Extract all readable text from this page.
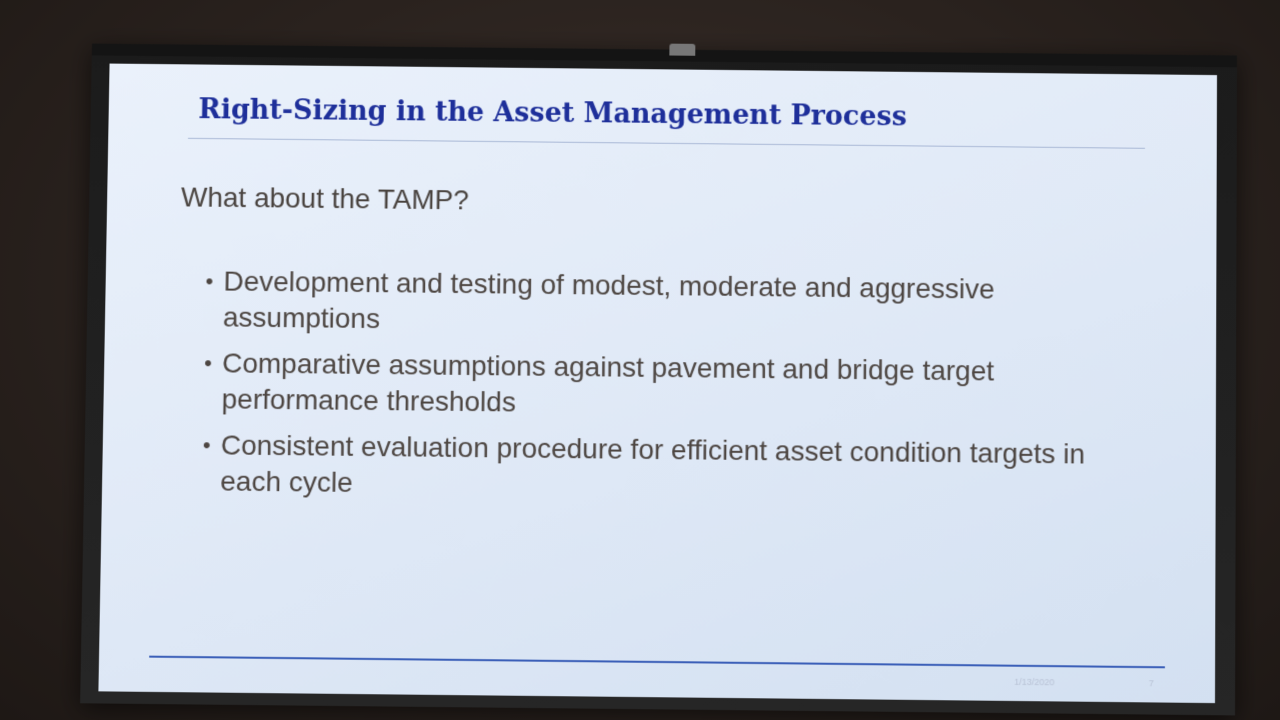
Right-Sizing in the Asset Management Process
What about the TAMP?
• Development and testing of modest, moderate and aggressive assumptions
• Comparative assumptions against pavement and bridge target performance thresholds
• Consistent evaluation procedure for efficient asset condition targets in each cycle
1/13/2020	7
